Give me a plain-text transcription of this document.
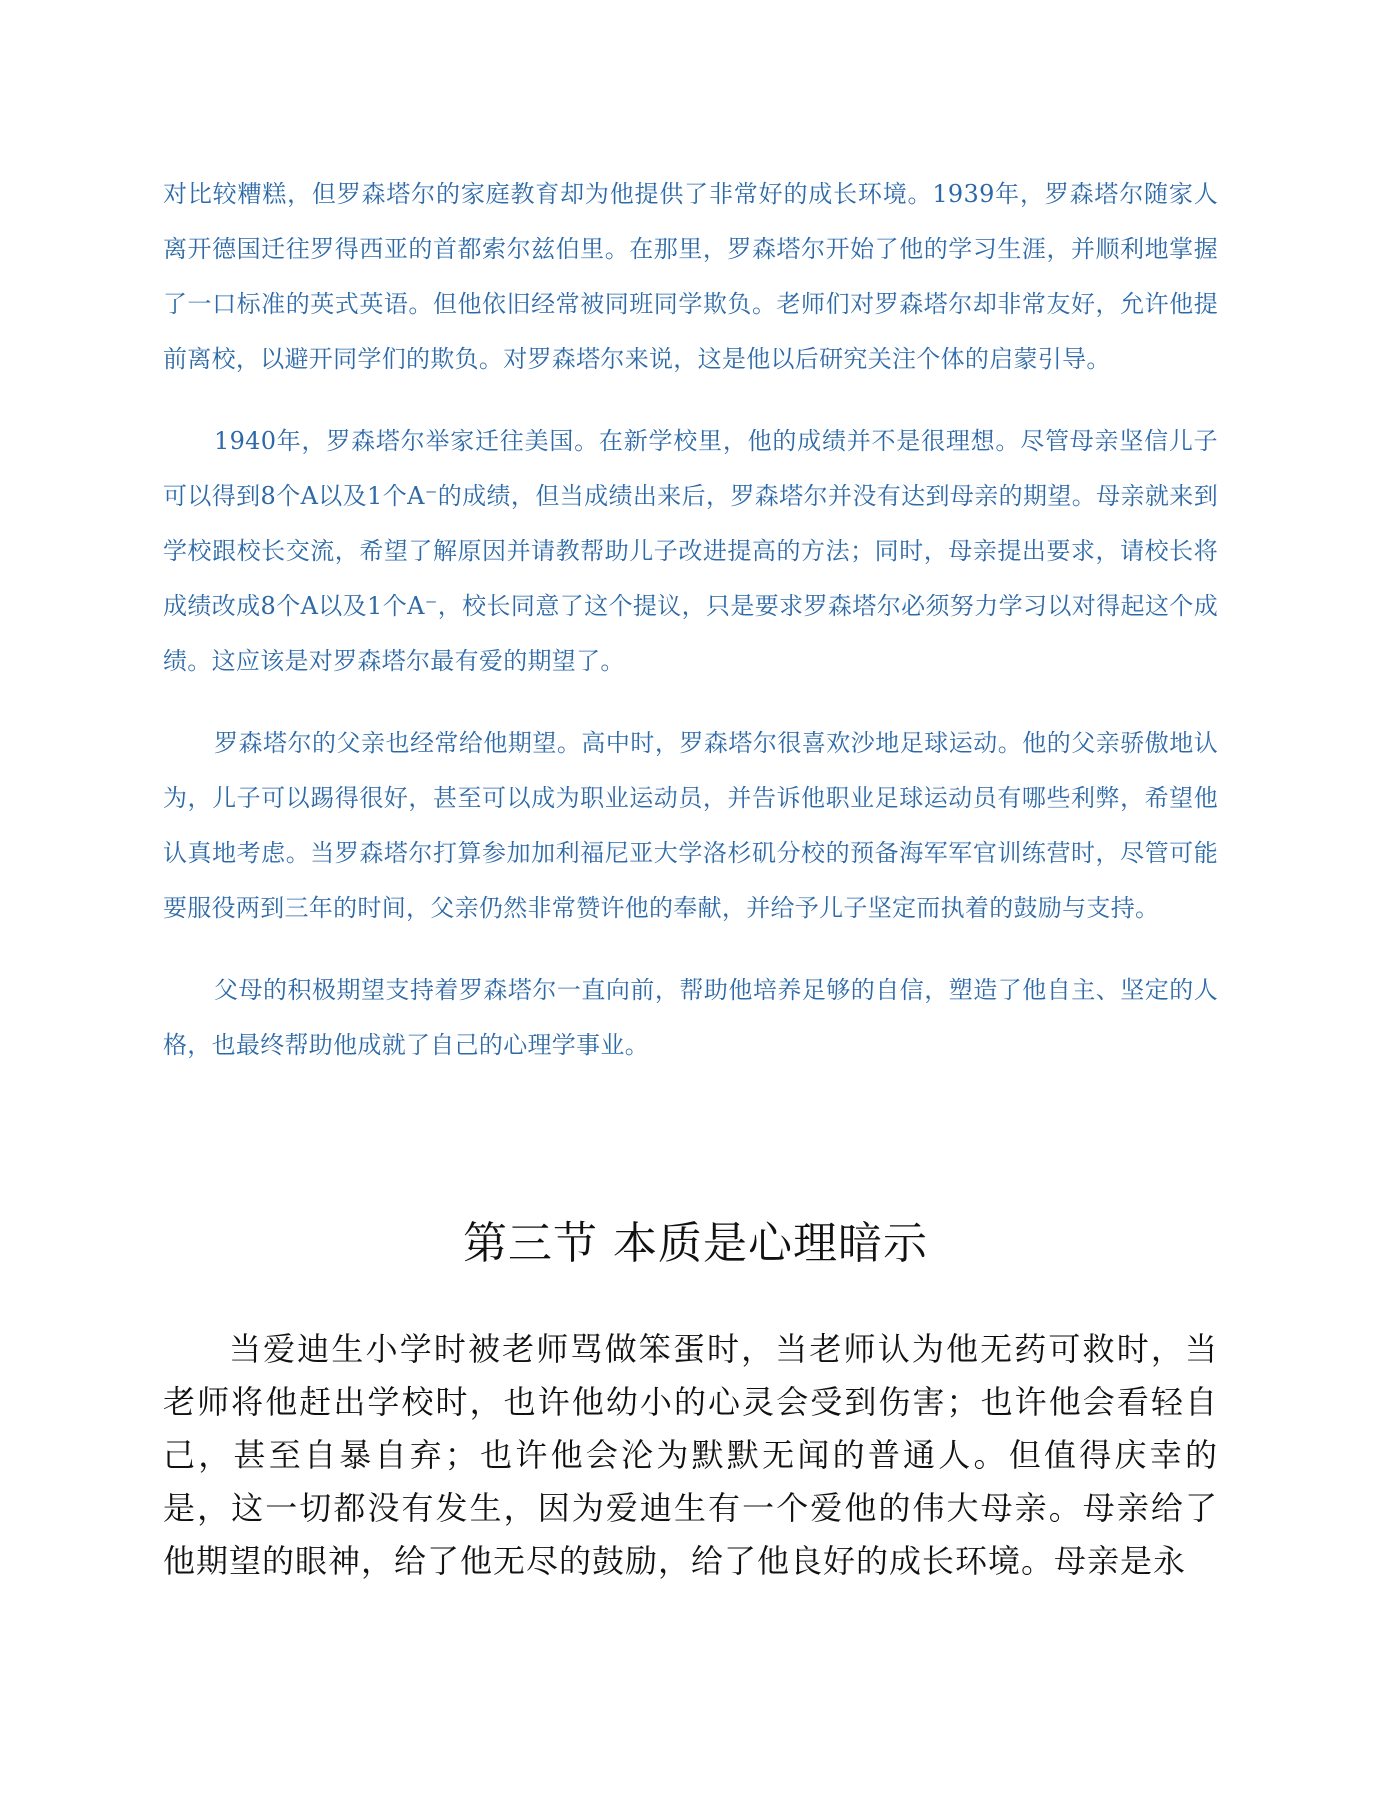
对比较糟糕，但罗森塔尔的家庭教育却为他提供了非常好的成长环境。1939年，罗森塔尔随家人离开德国迁往罗得西亚的首都索尔兹伯里。在那里，罗森塔尔开始了他的学习生涯，并顺利地掌握了一口标准的英式英语。但他依旧经常被同班同学欺负。老师们对罗森塔尔却非常友好，允许他提前离校，以避开同学们的欺负。对罗森塔尔来说，这是他以后研究关注个体的启蒙引导。

1940年，罗森塔尔举家迁往美国。在新学校里，他的成绩并不是很理想。尽管母亲坚信儿子可以得到8个A以及1个A⁻的成绩，但当成绩出来后，罗森塔尔并没有达到母亲的期望。母亲就来到学校跟校长交流，希望了解原因并请教帮助儿子改进提高的方法；同时，母亲提出要求，请校长将成绩改成8个A以及1个A⁻，校长同意了这个提议，只是要求罗森塔尔必须努力学习以对得起这个成绩。这应该是对罗森塔尔最有爱的期望了。

罗森塔尔的父亲也经常给他期望。高中时，罗森塔尔很喜欢沙地足球运动。他的父亲骄傲地认为，儿子可以踢得很好，甚至可以成为职业运动员，并告诉他职业足球运动员有哪些利弊，希望他认真地考虑。当罗森塔尔打算参加加利福尼亚大学洛杉矶分校的预备海军军官训练营时，尽管可能要服役两到三年的时间，父亲仍然非常赞许他的奉献，并给予儿子坚定而执着的鼓励与支持。

父母的积极期望支持着罗森塔尔一直向前，帮助他培养足够的自信，塑造了他自主、坚定的人格，也最终帮助他成就了自己的心理学事业。

第三节 本质是心理暗示

当爱迪生小学时被老师骂做笨蛋时，当老师认为他无药可救时，当老师将他赶出学校时，也许他幼小的心灵会受到伤害；也许他会看轻自己，甚至自暴自弃；也许他会沦为默默无闻的普通人。但值得庆幸的是，这一切都没有发生，因为爱迪生有一个爱他的伟大母亲。母亲给了他期望的眼神，给了他无尽的鼓励，给了他良好的成长环境。母亲是永
